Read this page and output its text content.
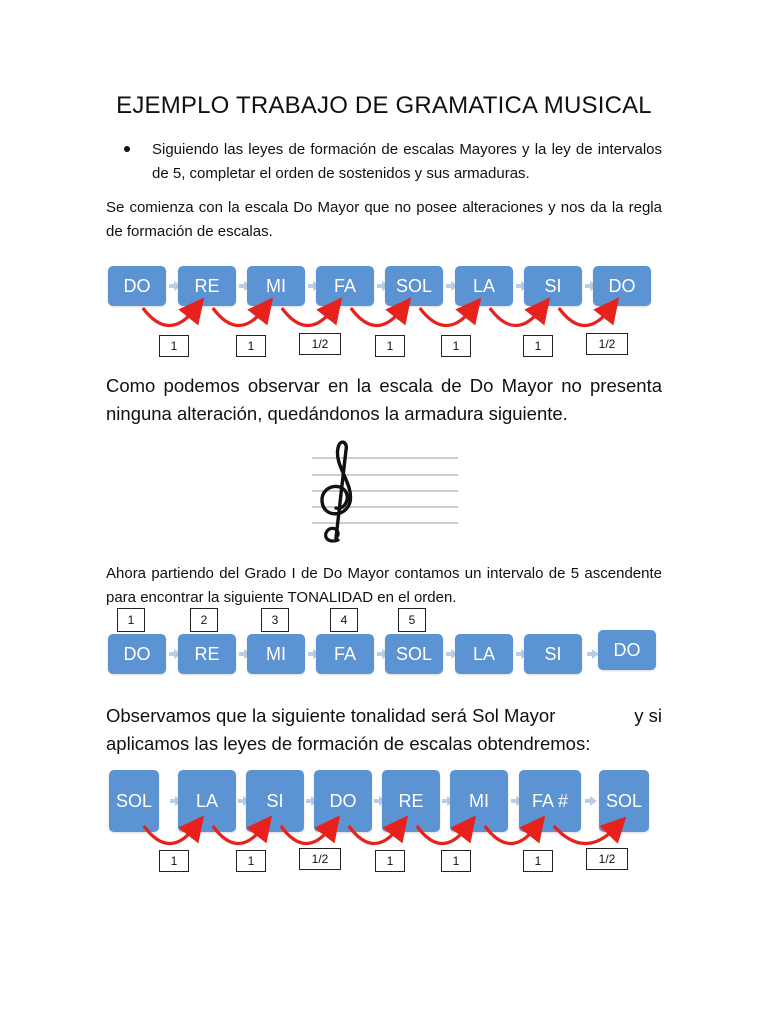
EJEMPLO TRABAJO DE GRAMATICA MUSICAL
Siguiendo las leyes de formación de escalas Mayores y la ley de intervalos de 5, completar el orden de sostenidos y sus armaduras.
Se comienza con la escala Do Mayor que no posee alteraciones y nos da la regla de formación de escalas.
Como podemos observar en la escala de Do Mayor no presenta ninguna alteración, quedándonos la armadura siguiente.
Ahora partiendo del Grado I de Do Mayor contamos un intervalo de 5 ascendente para encontrar la siguiente TONALIDAD en el orden.
Observamos que la siguiente tonalidad será Sol Mayor	y si
aplicamos las leyes de formación de escalas obtendremos:
DO	RE	MI	FA	SOL	LA	SI	DO
1	1	1/2	1	1	1	1/2
DO	RE	MI	FA	SOL	LA	SI	DO
1	2	3	4	5
SOL	LA	SI	DO	RE	MI	FA #	SOL
1	1	1/2	1	1	1	1/2
